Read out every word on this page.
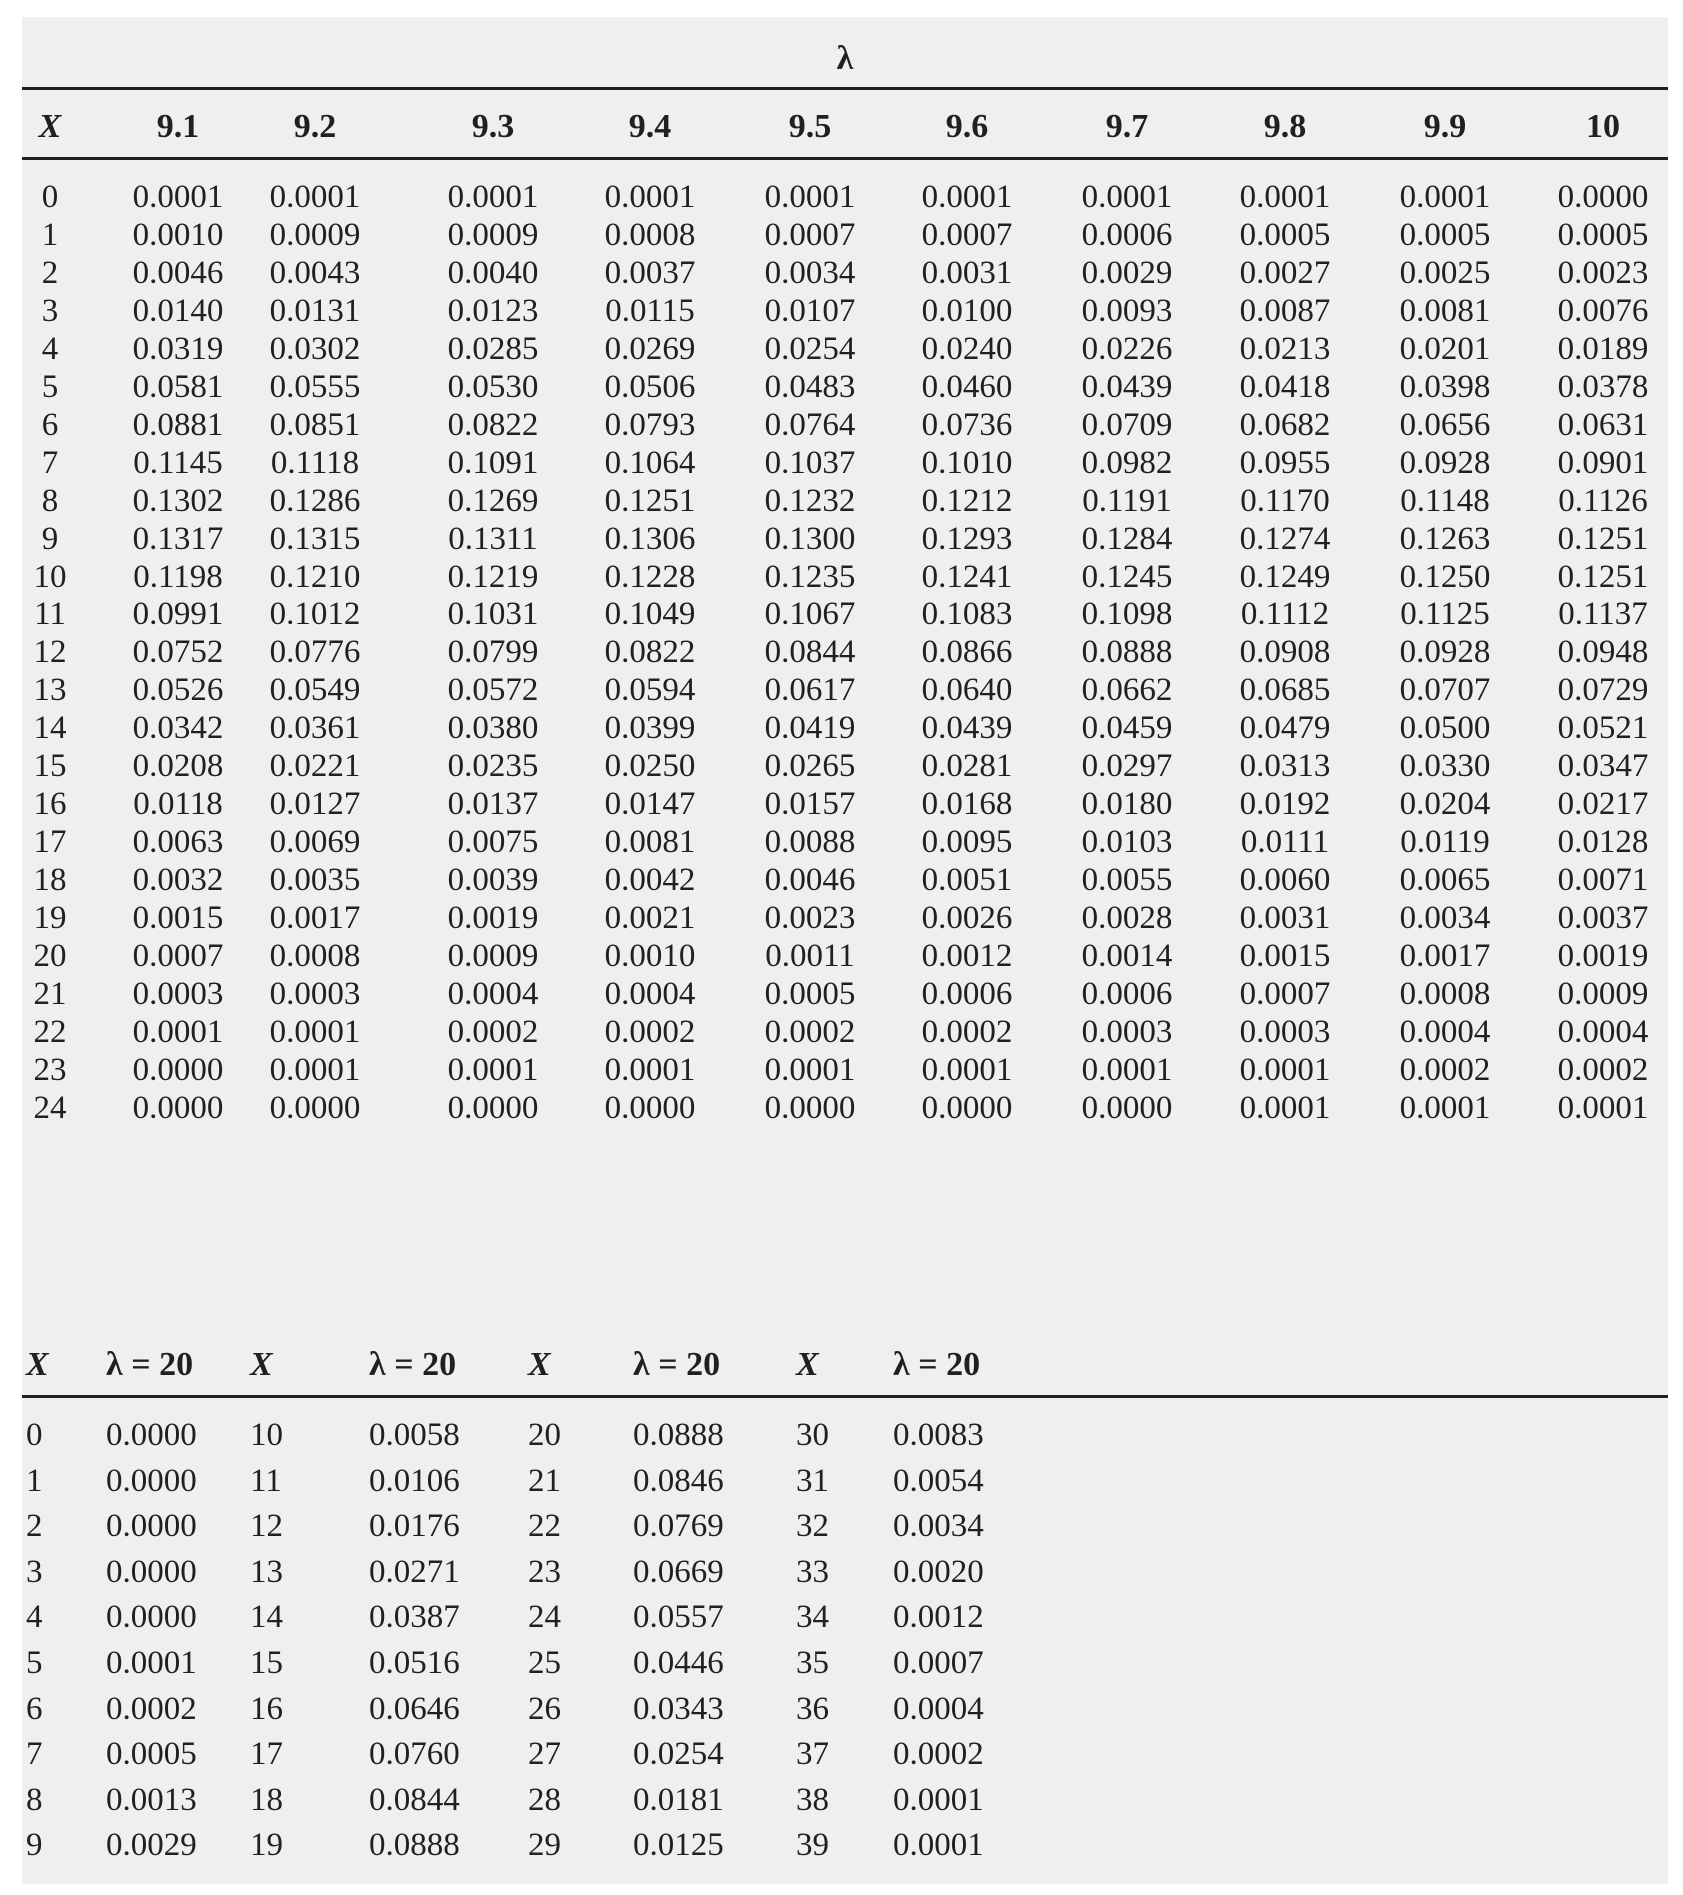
λ
X	9.1	9.2	9.3	9.4	9.5	9.6	9.7	9.8	9.9	10
0 0.0001 0.0001	0.0001 0.0001 0.0001 0.0001 0.0001 0.0001 0.0001 0.0000
1 0.0010 0.0009	0.0009 0.0008 0.0007 0.0007 0.0006 0.0005 0.0005 0.0005
2 0.0046 0.0043	0.0040 0.0037 0.0034 0.0031 0.0029 0.0027 0.0025 0.0023
3 0.0140 0.0131	0.0123 0.0115 0.0107 0.0100 0.0093 0.0087 0.0081 0.0076
4 0.0319 0.0302	0.0285 0.0269 0.0254 0.0240 0.0226 0.0213 0.0201 0.0189
5 0.0581 0.0555	0.0530 0.0506 0.0483 0.0460 0.0439 0.0418 0.0398 0.0378
6 0.0881 0.0851	0.0822 0.0793 0.0764 0.0736 0.0709 0.0682 0.0656 0.0631
7 0.1145 0.1118	0.1091 0.1064 0.1037 0.1010 0.0982 0.0955 0.0928 0.0901
8 0.1302 0.1286	0.1269 0.1251 0.1232 0.1212 0.1191 0.1170 0.1148 0.1126
9 0.1317 0.1315	0.1311 0.1306 0.1300 0.1293 0.1284 0.1274 0.1263 0.1251
10 0.1198 0.1210	0.1219 0.1228 0.1235 0.1241 0.1245 0.1249 0.1250 0.1251
11 0.0991 0.1012	0.1031 0.1049 0.1067 0.1083 0.1098 0.1112 0.1125 0.1137
12 0.0752 0.0776	0.0799 0.0822 0.0844 0.0866 0.0888 0.0908 0.0928 0.0948
13 0.0526 0.0549	0.0572 0.0594 0.0617 0.0640 0.0662 0.0685 0.0707 0.0729
14 0.0342 0.0361	0.0380 0.0399 0.0419 0.0439 0.0459 0.0479 0.0500 0.0521
15 0.0208 0.0221	0.0235 0.0250 0.0265 0.0281 0.0297 0.0313 0.0330 0.0347
16 0.0118 0.0127	0.0137 0.0147 0.0157 0.0168 0.0180 0.0192 0.0204 0.0217
17 0.0063 0.0069	0.0075 0.0081 0.0088 0.0095 0.0103 0.0111 0.0119 0.0128
18 0.0032 0.0035	0.0039 0.0042 0.0046 0.0051 0.0055 0.0060 0.0065 0.0071
19 0.0015 0.0017	0.0019 0.0021 0.0023 0.0026 0.0028 0.0031 0.0034 0.0037
20 0.0007 0.0008	0.0009 0.0010 0.0011 0.0012 0.0014 0.0015 0.0017 0.0019
21 0.0003 0.0003	0.0004 0.0004 0.0005 0.0006 0.0006 0.0007 0.0008 0.0009
22 0.0001 0.0001	0.0002 0.0002 0.0002 0.0002 0.0003 0.0003 0.0004 0.0004
23 0.0000 0.0001	0.0001 0.0001 0.0001 0.0001 0.0001 0.0001 0.0002 0.0002
24 0.0000 0.0000	0.0000 0.0000 0.0000 0.0000 0.0000 0.0001 0.0001 0.0001
X λ = 20 X	λ = 20 X λ = 20 X λ = 20
0 0.0000 10	0.0058 20 0.0888 30 0.0083
1 0.0000 11	0.0106 21 0.0846 31 0.0054
2 0.0000 12	0.0176 22 0.0769 32 0.0034
3 0.0000 13	0.0271 23 0.0669 33 0.0020
4 0.0000 14	0.0387 24 0.0557 34 0.0012
5 0.0001 15	0.0516 25 0.0446 35 0.0007
6 0.0002 16	0.0646 26 0.0343 36 0.0004
7 0.0005 17	0.0760 27 0.0254 37 0.0002
8 0.0013 18	0.0844 28 0.0181 38 0.0001
9 0.0029 19	0.0888 29 0.0125 39 0.0001
